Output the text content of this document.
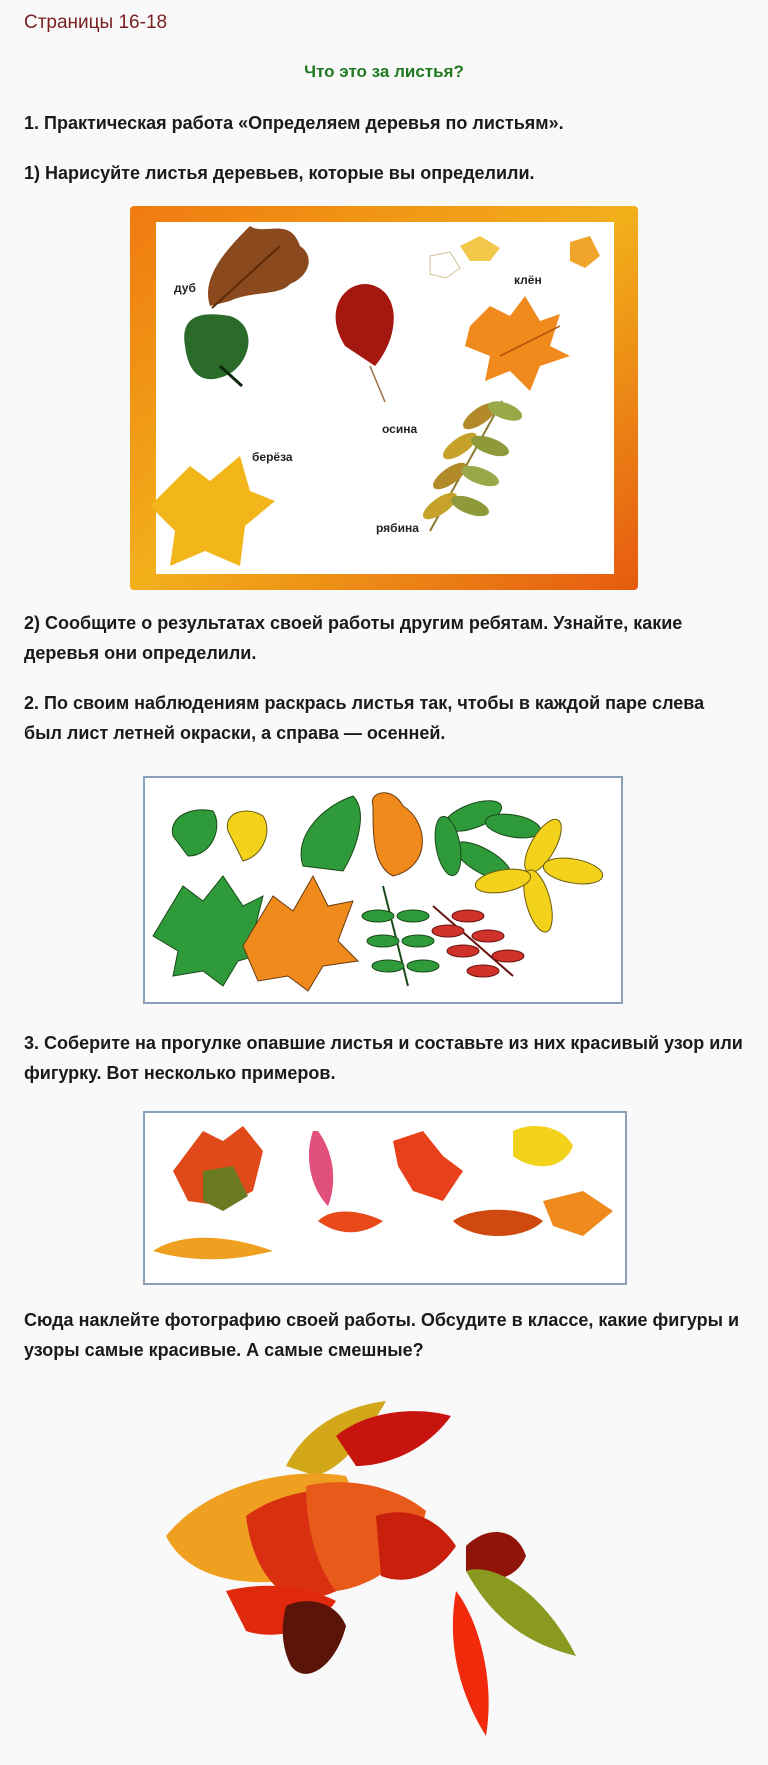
Страницы 16-18
Что это за листья?
1. Практическая работа «Определяем деревья по листьям».
1) Нарисуйте листья деревьев, которые вы определили.
дуб
клён
осина
берёза
рябина
2) Сообщите о результатах своей работы другим ребятам. Узнайте, какие деревья они определили.
2. По своим наблюдениям раскрась листья так, чтобы в каждой паре слева был лист летней окраски, а справа — осенней.
3. Соберите на прогулке опавшие листья и составьте из них красивый узор или фигурку. Вот несколько примеров.
Сюда наклейте фотографию своей работы. Обсудите в классе, какие фигуры и узоры самые красивые. А самые смешные?
